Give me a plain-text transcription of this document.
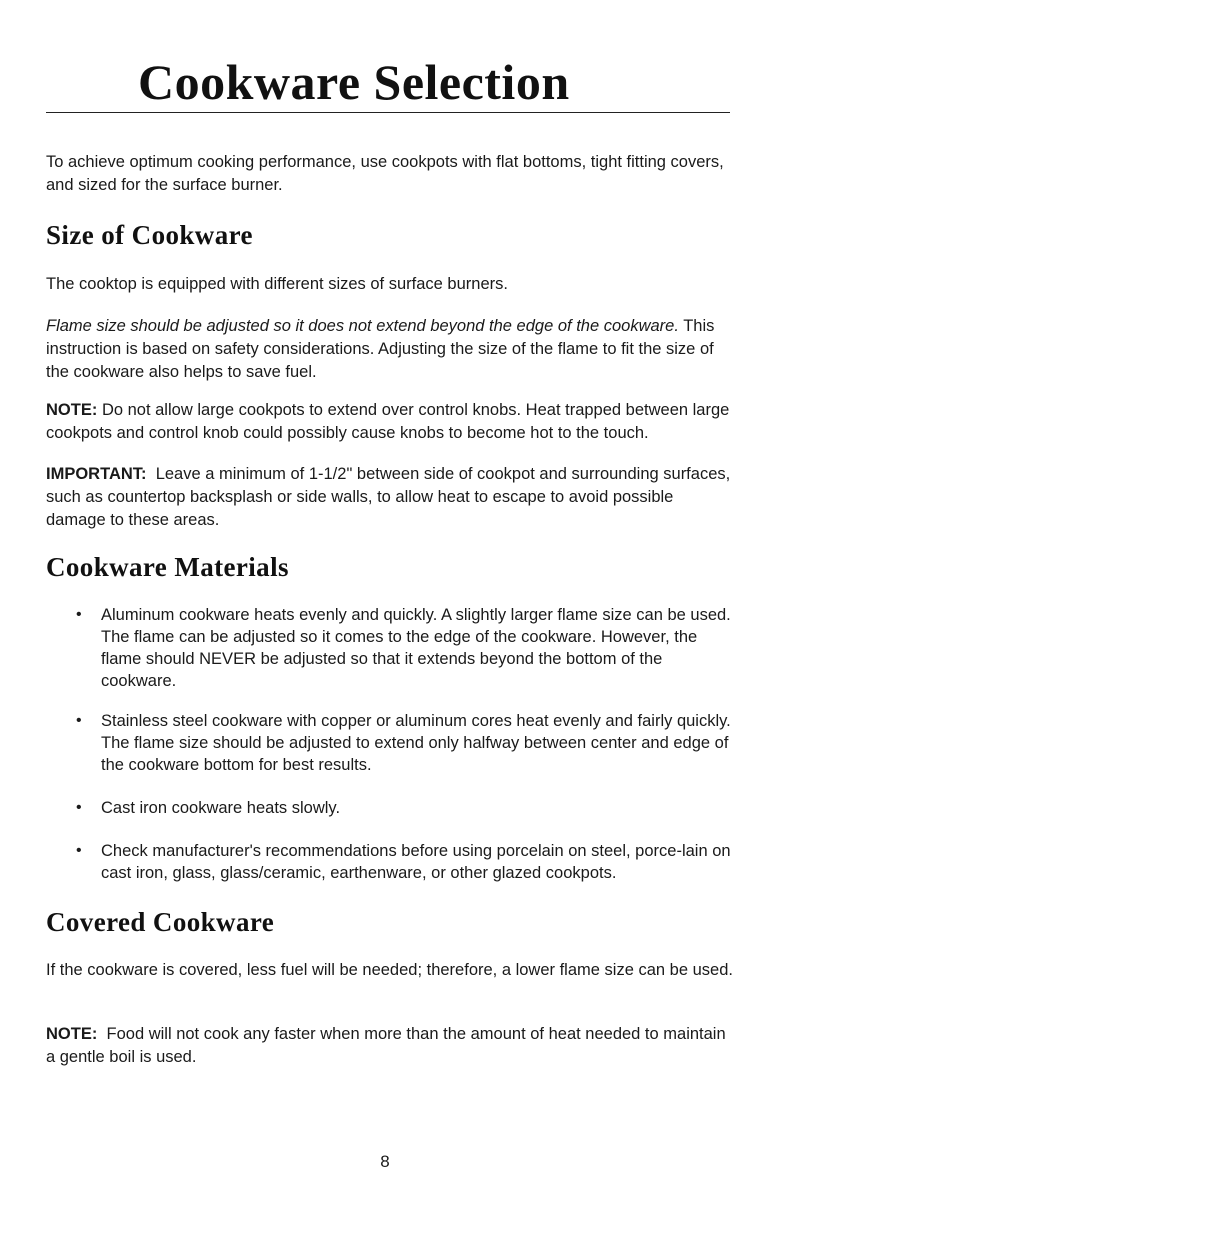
Cookware Selection

To achieve optimum cooking performance, use cookpots with flat bottoms, tight fitting covers, and sized for the surface burner.

Size of Cookware

The cooktop is equipped with different sizes of surface burners.

Flame size should be adjusted so it does not extend beyond the edge of the cookware. This instruction is based on safety considerations. Adjusting the size of the flame to fit the size of the cookware also helps to save fuel.

NOTE: Do not allow large cookpots to extend over control knobs. Heat trapped between large cookpots and control knob could possibly cause knobs to become hot to the touch.

IMPORTANT: Leave a minimum of 1-1/2" between side of cookpot and surrounding surfaces, such as countertop backsplash or side walls, to allow heat to escape to avoid possible damage to these areas.

Cookware Materials
• Aluminum cookware heats evenly and quickly. A slightly larger flame size can be used. The flame can be adjusted so it comes to the edge of the cookware. However, the flame should NEVER be adjusted so that it extends beyond the bottom of the cookware.
• Stainless steel cookware with copper or aluminum cores heat evenly and fairly quickly. The flame size should be adjusted to extend only halfway between center and edge of the cookware bottom for best results.
• Cast iron cookware heats slowly.
• Check manufacturer's recommendations before using porcelain on steel, porce-lain on cast iron, glass, glass/ceramic, earthenware, or other glazed cookpots.
Covered Cookware

If the cookware is covered, less fuel will be needed; therefore, a lower flame size can be used.

NOTE: Food will not cook any faster when more than the amount of heat needed to maintain a gentle boil is used.

8
